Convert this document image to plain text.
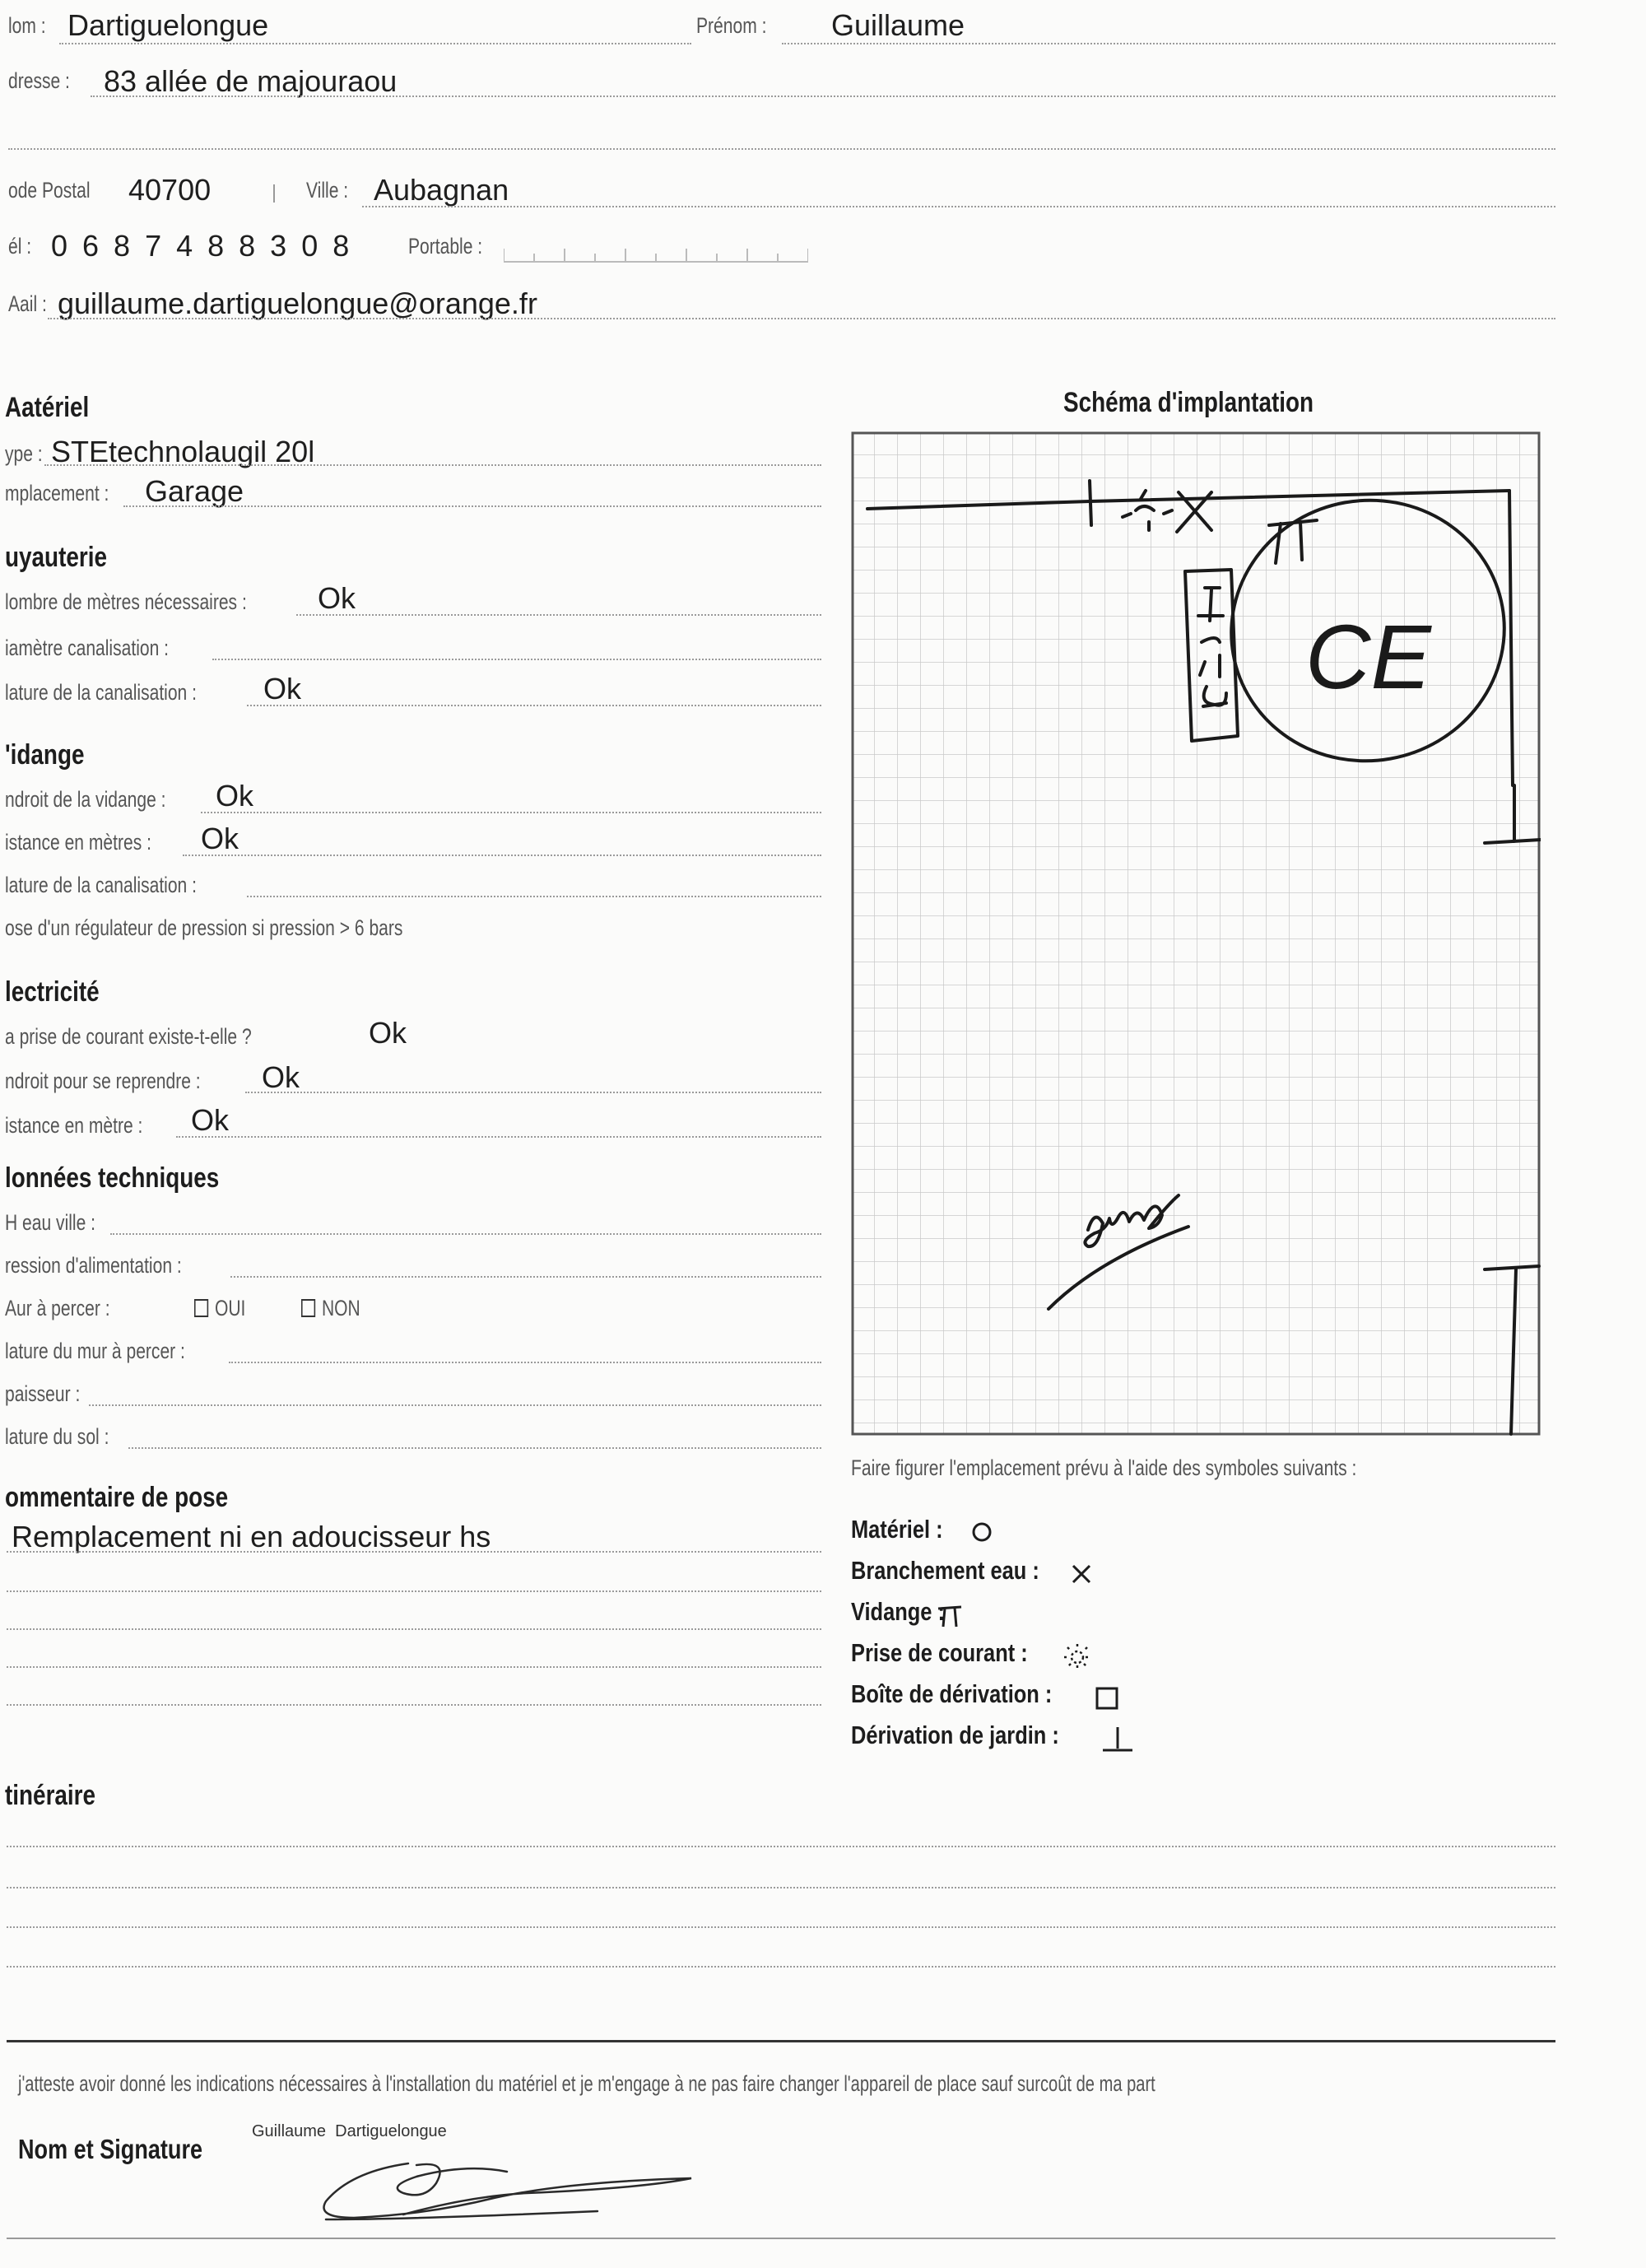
lom : Dartiguelongue	Prénom : Guillaume
dresse : 83 allée de majouraou
ode Postal 40700	Ville : Aubagnan
él : 0 6 8 7 4 8 8 3 0 8	Portable :
Aail : guillaume.dartiguelongue@orange.fr
Aatériel
ype : STEtechnolaugil 20l
mplacement : Garage
uyauterie
lombre de mètres nécessaires : Ok
iamètre canalisation :
lature de la canalisation : Ok
'idange
ndroit de la vidange : Ok
istance en mètres : Ok
lature de la canalisation :
ose d'un régulateur de pression si pression > 6 bars
lectricité
a prise de courant existe-t-elle ?	Ok
ndroit pour se reprendre : Ok
istance en mètre : Ok
lonnées techniques
H eau ville :
ression d'alimentation :
Aur à percer :	OUI	NON
lature du mur à percer :
paisseur :
lature du sol :
ommentaire de pose
Remplacement ni en adoucisseur hs
tinéraire
Schéma d'implantation
CE
Faire figurer l'emplacement prévu à l'aide des symboles suivants :
Matériel :
Branchement eau :
Vidange :
Prise de courant :
Boîte de dérivation :
Dérivation de jardin :
j'atteste avoir donné les indications nécessaires à l'installation du matériel et je m'engage à ne pas faire changer l'appareil de place sauf surcoût de ma part
Nom et Signature
Guillaume  Dartiguelongue
